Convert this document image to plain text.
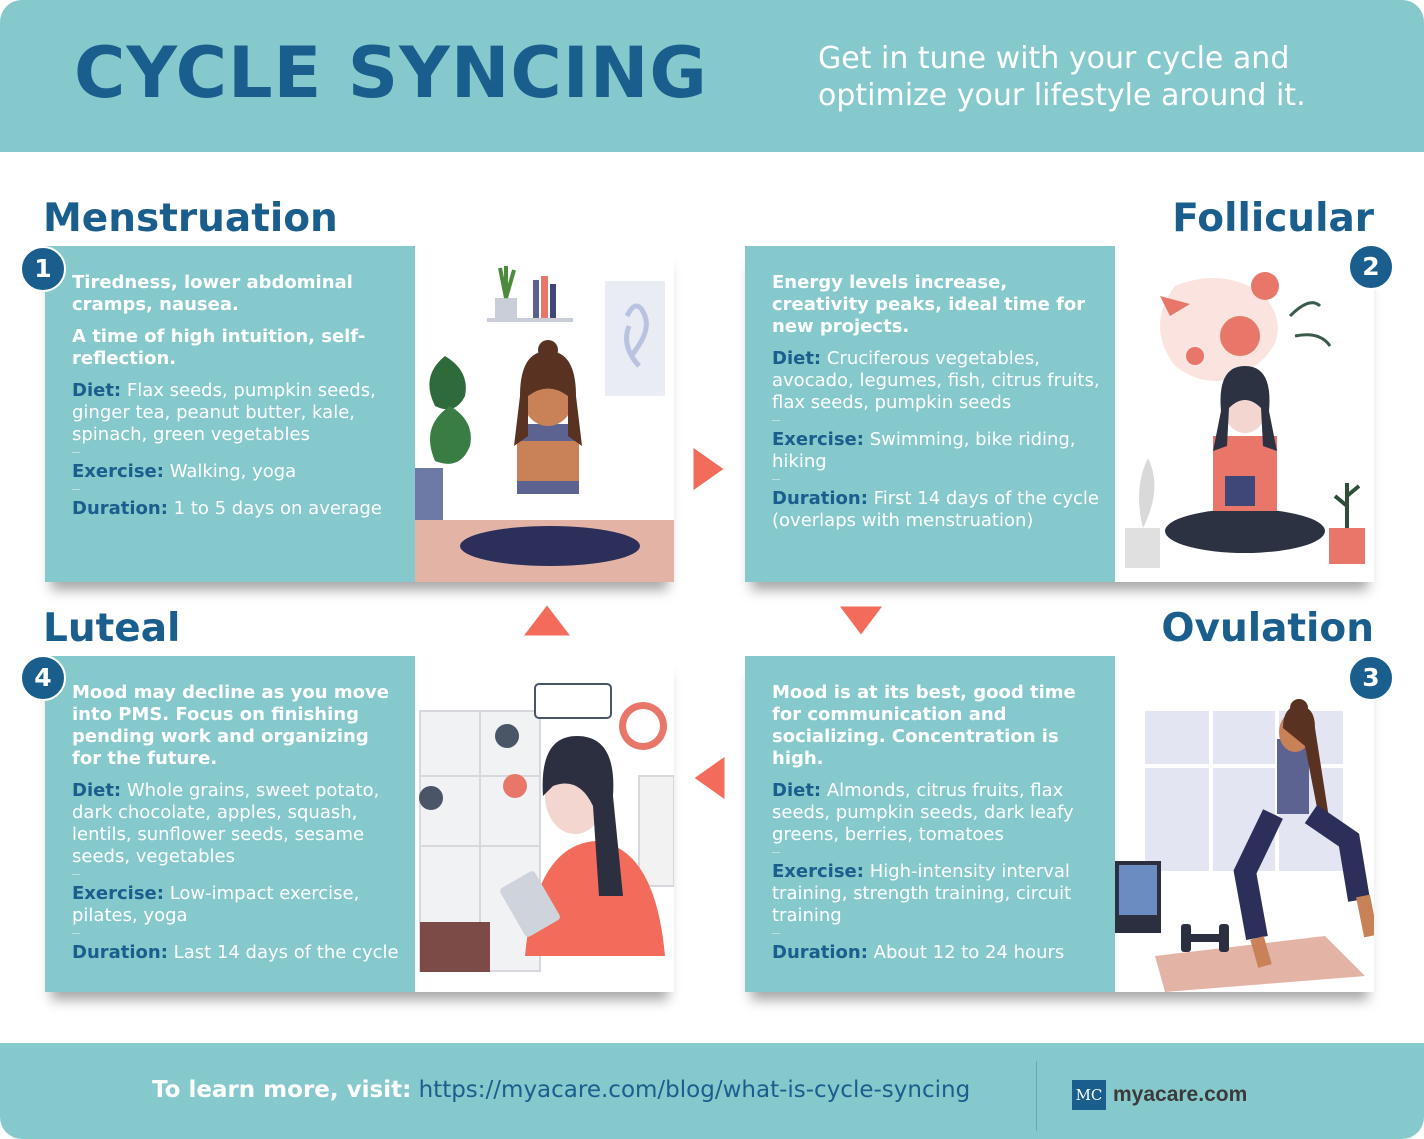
CYCLE SYNCING	Get in tune with your cycle and optimize your lifestyle around it.
Menstruation	Follicular
Luteal	Ovulation

Tiredness, lower abdominal cramps, nausea.

A time of high intuition, self-reflection.

Diet: Flax seeds, pumpkin seeds, ginger tea, peanut butter, kale, spinach, green vegetables
Exercise: Walking, yoga
Duration: 1 to 5 days on average

Energy levels increase, creativity peaks, ideal time for new projects.

Diet: Cruciferous vegetables, avocado, legumes, fish, citrus fruits, flax seeds, pumpkin seeds
Exercise: Swimming, bike riding, hiking
Duration: First 14 days of the cycle (overlaps with menstruation)

Mood may decline as you move into PMS. Focus on finishing pending work and organizing for the future.

Diet: Whole grains, sweet potato, dark chocolate, apples, squash, lentils, sunflower seeds, sesame seeds, vegetables
Exercise: Low-impact exercise, pilates, yoga
Duration: Last 14 days of the cycle

Mood is at its best, good time for communication and socializing. Concentration is high.

Diet: Almonds, citrus fruits, flax seeds, pumpkin seeds, dark leafy greens, berries, tomatoes
Exercise: High-intensity interval training, strength training, circuit training
Duration: About 12 to 24 hours
1	2
3
4
To learn more, visit: https://myacare.com/blog/what-is-cycle-syncing	MC myacare.com
